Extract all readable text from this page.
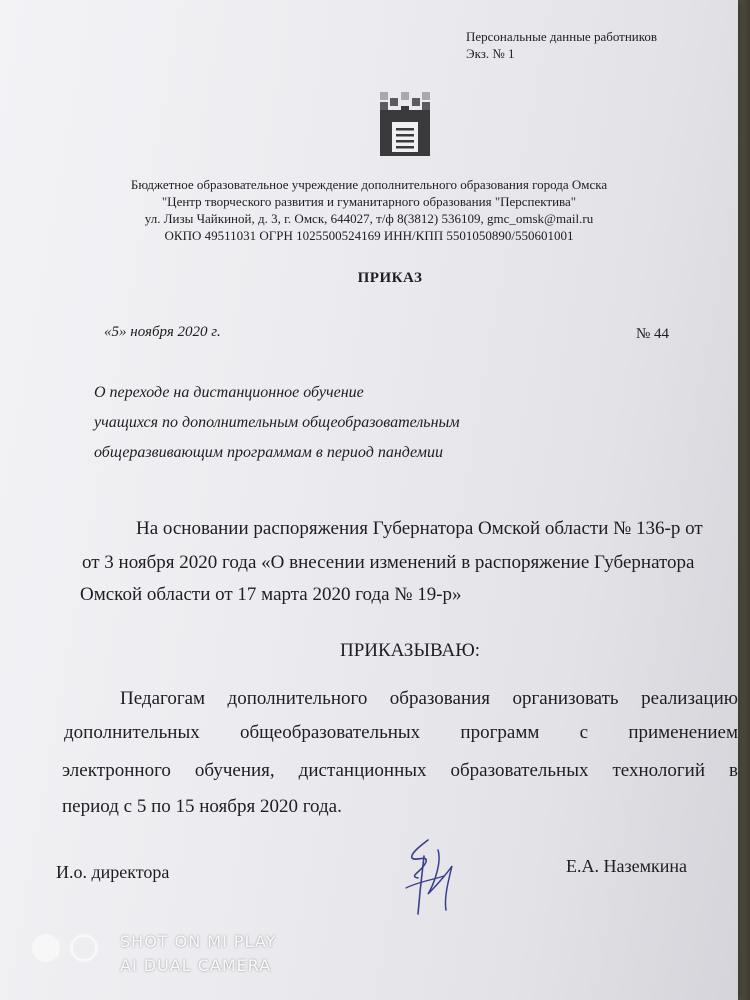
Персональные данные работников
Экз. № 1
Бюджетное образовательное учреждение дополнительного образования города Омска
"Центр творческого развития и гуманитарного образования "Перспектива"
ул. Лизы Чайкиной, д. 3, г. Омск, 644027, т/ф 8(3812) 536109, gmc_omsk@mail.ru
ОКПО 49511031 ОГРН 1025500524169 ИНН/КПП 5501050890/550601001
ПРИКАЗ
«5» ноября 2020 г.	№ 44
О переходе на дистанционное обучение
учащихся по дополнительным общеобразовательным
общеразвивающим программам в период пандемии
На основании распоряжения Губернатора Омской области № 136-р от
от 3 ноября 2020 года «О внесении изменений в распоряжение Губернатора
Омской области от 17 марта 2020 года № 19-р»
ПРИКАЗЫВАЮ:
Педагогам дополнительного образования организовать реализацию
дополнительных общеобразовательных программ с применением
электронного обучения, дистанционных образовательных технологий в
период с 5 по 15 ноября 2020 года.
И.о. директора	Е.А. Наземкина
SHOT ON MI PLAY
AI DUAL CAMERA
